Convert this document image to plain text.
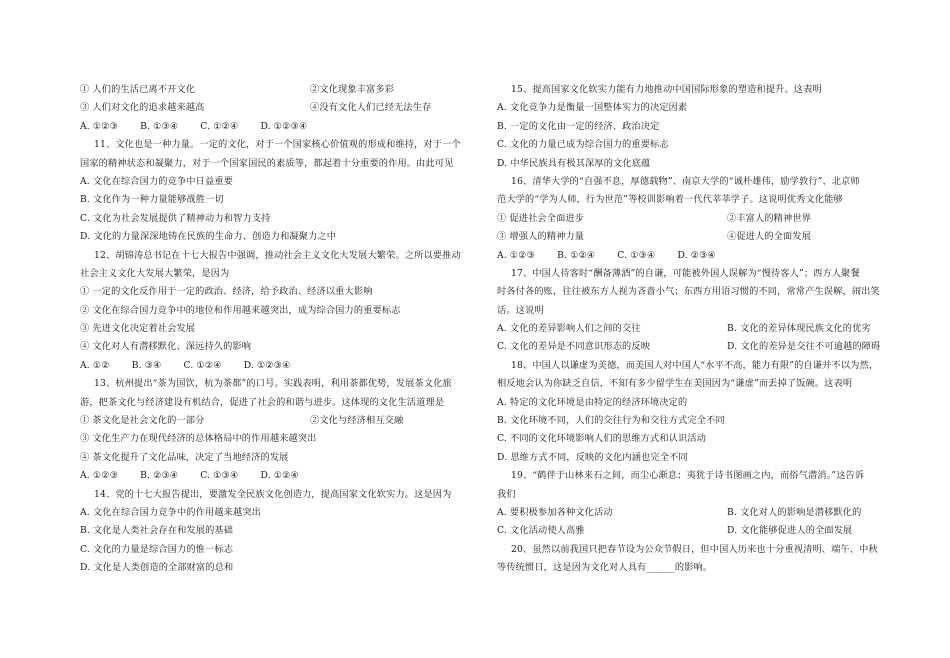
① 人们的生活已离不开文化	②文化现象丰富多彩
③ 人们对文化的追求越来越高	④没有文化人们已经无法生存
A. ①②③ B. ①③④ C. ①②④ D. ①②③④
11、文化也是一种力量。一定的文化，对于一个国家核心价值观的形成和维持，对于一个
国家的精神状态和凝聚力，对于一个国家国民的素质等，都起着十分重要的作用。由此可见
A. 文化在综合国力的竞争中日益重要
B. 文化作为一种力量能够战胜一切
C. 文化为社会发展提供了精神动力和智力支持
D. 文化的力量深深地铸在民族的生命力、创造力和凝聚力之中
12、胡锦涛总书记在十七大报告中强调，推动社会主义文化大发展大繁荣。之所以要推动
社会主义文化大发展大繁荣，是因为
① 一定的文化反作用于一定的政治、经济，给予政治、经济以重大影响
② 文化在综合国力竞争中的地位和作用越来越突出，成为综合国力的重要标志
③ 先进文化决定着社会发展
④ 文化对人有潜移默化、深远持久的影响
A. ①② B. ③④ C. ①②④ D. ①②③④
13、杭州提出“茶为国饮，杭为茶都”的口号。实践表明，利用茶都优势，发展茶文化旅
游，把茶文化与经济建设有机结合，促进了社会的和谐与进步。这体现的文化生活道理是
① 茶文化是社会文化的一部分	②文化与经济相互交融
③ 文化生产力在现代经济的总体格局中的作用越来越突出
④ 茶文化提升了文化品味，决定了当地经济的发展
A. ①②③ B. ②③④ C. ①③④ D. ①②④
14、党的十七大报告提出，要激发全民族文化创造力，提高国家文化软实力。这是因为
A. 文化在综合国力竞争中的作用越来越突出
B. 文化是人类社会存在和发展的基础
C. 文化的力量是综合国力的惟一标志
D. 文化是人类创造的全部财富的总和
15、提高国家文化软实力能有力地推动中国国际形象的塑造和提升。这表明
A. 文化竞争力是衡量一国整体实力的决定因素
B. 一定的文化由一定的经济、政治决定
C. 文化的力量已成为综合国力的重要标志
D. 中华民族具有极其深厚的文化底蕴
16、清华大学的“自强不息，厚德载物”、南京大学的“诚朴雄伟，励学敦行”、北京师
范大学的“学为人师，行为世范”等校训影响着一代代莘莘学子。这说明优秀文化能够
① 促进社会全面进步	②丰富人的精神世界
③ 增强人的精神力量	④促进人的全面发展
A. ①②③ B. ①②④ C. ①③④ D. ②③④
17、中国人待客时“酬备薄酒”的自谦，可能被外国人误解为“慢待客人”；西方人聚餐
时各付各的账，往往被东方人视为吝啬小气；东西方用语习惯的不同，常常产生误解，闹出笑
话。这说明
A. 文化的差异影响人们之间的交往	B. 文化的差异体现民族文化的优劣
C. 文化的差异是不同意识形态的反映	D. 文化的差异是交往不可逾越的障碍
18、中国人以谦虚为美德，而美国人对中国人“水平不高，能力有限”的自谦并不以为然，
相反地会认为你缺乏自信，不知有多少留学生在美国因为“谦虚”而丢掉了饭碗。这表明
A. 特定的文化环境是由特定的经济环境决定的
B. 文化环境不同，人们的交往行为和交往方式完全不同
C. 不同的文化环境影响人们的思维方式和认识活动
D. 思维方式不同，反映的文化内涵也完全不同
19、“鹤伴于山林来石之间，而尘心渐息；夷犹于诗书图画之内，而俗气潜消。”这告诉
我们
A. 要积极参加各种文化活动	B. 文化对人的影响是潜移默化的
C. 文化活动使人高雅	D. 文化能够促进人的全面发展
20、虽然以前我国只把春节设为公众节假日，但中国人历来也十分重视清明、端午、中秋
等传统惯日，这是因为文化对人具有______的影响。
